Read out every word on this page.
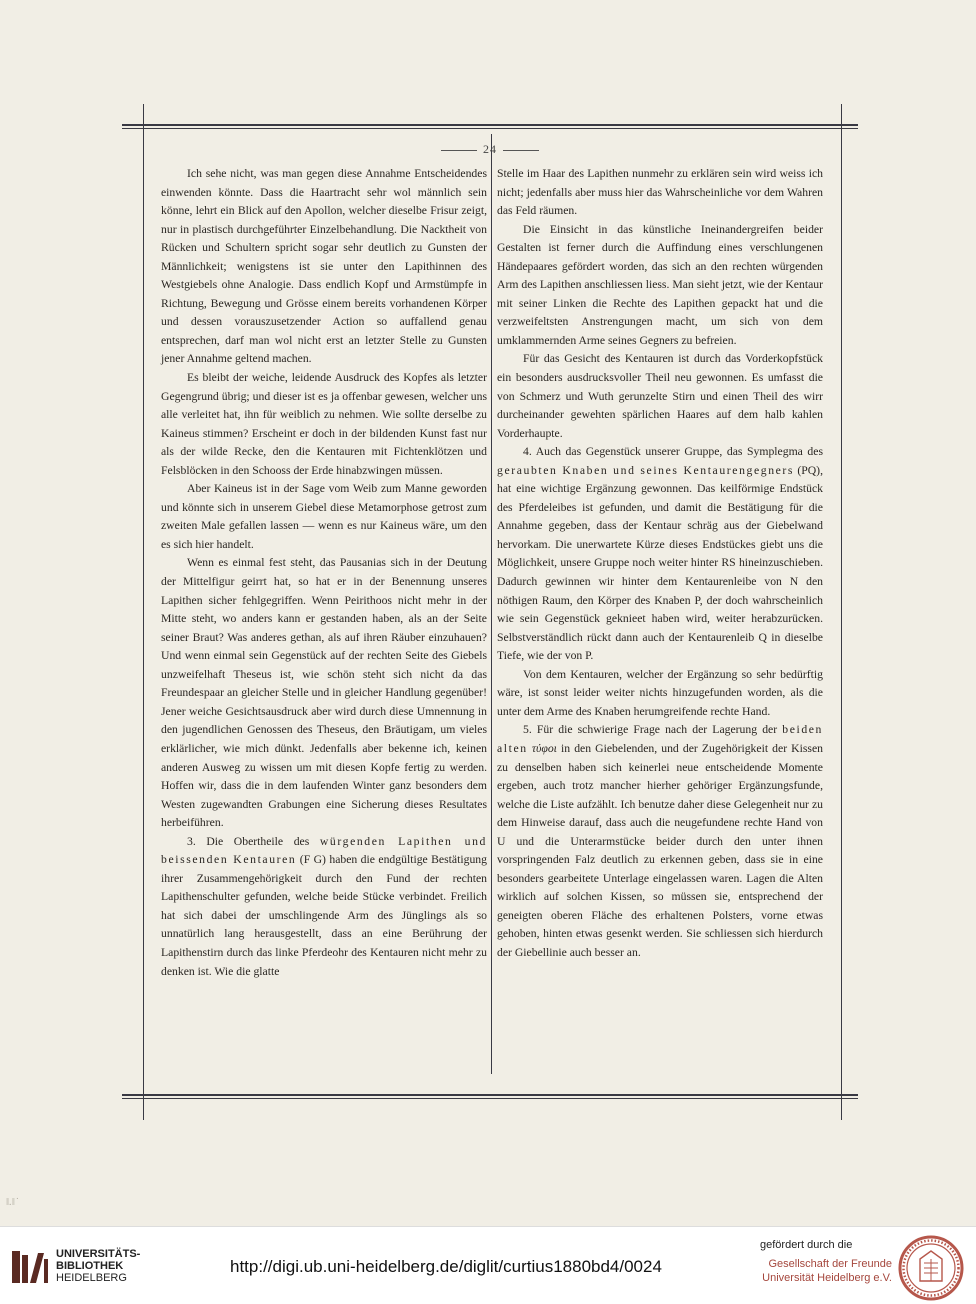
24

Ich sehe nicht, was man gegen diese Annahme Entscheidendes einwenden könnte. Dass die Haartracht sehr wol männlich sein könne, lehrt ein Blick auf den Apollon, welcher dieselbe Frisur zeigt, nur in plastisch durchgeführter Einzelbehandlung. Die Nacktheit von Rücken und Schultern spricht sogar sehr deutlich zu Gunsten der Männlichkeit; wenigstens ist sie unter den Lapithinnen des Westgiebels ohne Analogie. Dass endlich Kopf und Armstümpfe in Richtung, Bewegung und Grösse einem bereits vorhandenen Körper und dessen vorauszusetzender Action so auffallend genau entsprechen, darf man wol nicht erst an letzter Stelle zu Gunsten jener Annahme geltend machen.

Es bleibt der weiche, leidende Ausdruck des Kopfes als letzter Gegengrund übrig; und dieser ist es ja offenbar gewesen, welcher uns alle verleitet hat, ihn für weiblich zu nehmen. Wie sollte derselbe zu Kaineus stimmen? Erscheint er doch in der bildenden Kunst fast nur als der wilde Recke, den die Kentauren mit Fichtenklötzen und Felsblöcken in den Schooss der Erde hinabzwingen müssen.

Aber Kaineus ist in der Sage vom Weib zum Manne geworden und könnte sich in unserem Giebel diese Metamorphose getrost zum zweiten Male gefallen lassen — wenn es nur Kaineus wäre, um den es sich hier handelt.

Wenn es einmal fest steht, das Pausanias sich in der Deutung der Mittelfigur geirrt hat, so hat er in der Benennung unseres Lapithen sicher fehlgegriffen. Wenn Peirithoos nicht mehr in der Mitte steht, wo anders kann er gestanden haben, als an der Seite seiner Braut? Was anderes gethan, als auf ihren Räuber einzuhauen? Und wenn einmal sein Gegenstück auf der rechten Seite des Giebels unzweifelhaft Theseus ist, wie schön steht sich nicht da das Freundespaar an gleicher Stelle und in gleicher Handlung gegenüber! Jener weiche Gesichtsausdruck aber wird durch diese Umnennung in den jugendlichen Genossen des Theseus, den Bräutigam, um vieles erklärlicher, wie mich dünkt. Jedenfalls aber bekenne ich, keinen anderen Ausweg zu wissen um mit diesen Kopfe fertig zu werden. Hoffen wir, dass die in dem laufenden Winter ganz besonders dem Westen zugewandten Grabungen eine Sicherung dieses Resultates herbeiführen.

3. Die Obertheile des würgenden Lapithen und beissenden Kentauren (F G) haben die endgültige Bestätigung ihrer Zusammengehörigkeit durch den Fund der rechten Lapithenschulter gefunden, welche beide Stücke verbindet. Freilich hat sich dabei der umschlingende Arm des Jünglings als so unnatürlich lang herausgestellt, dass an eine Berührung der Lapithenstirn durch das linke Pferdeohr des Kentauren nicht mehr zu denken ist. Wie die glatte

Stelle im Haar des Lapithen nunmehr zu erklären sein wird weiss ich nicht; jedenfalls aber muss hier das Wahrscheinliche vor dem Wahren das Feld räumen.

Die Einsicht in das künstliche Ineinandergreifen beider Gestalten ist ferner durch die Auffindung eines verschlungenen Händepaares gefördert worden, das sich an den rechten würgenden Arm des Lapithen anschliessen liess. Man sieht jetzt, wie der Kentaur mit seiner Linken die Rechte des Lapithen gepackt hat und die verzweifeltsten Anstrengungen macht, um sich von dem umklammernden Arme seines Gegners zu befreien.

Für das Gesicht des Kentauren ist durch das Vorderkopfstück ein besonders ausdrucksvoller Theil neu gewonnen. Es umfasst die von Schmerz und Wuth gerunzelte Stirn und einen Theil des wirr durcheinander gewehten spärlichen Haares auf dem halb kahlen Vorderhaupte.

4. Auch das Gegenstück unserer Gruppe, das Symplegma des geraubten Knaben und seines Kentaurengegners (PQ), hat eine wichtige Ergänzung gewonnen. Das keilförmige Endstück des Pferdeleibes ist gefunden, und damit die Bestätigung für die Annahme gegeben, dass der Kentaur schräg aus der Giebelwand hervorkam. Die unerwartete Kürze dieses Endstückes giebt uns die Möglichkeit, unsere Gruppe noch weiter hinter RS hineinzuschieben. Dadurch gewinnen wir hinter dem Kentaurenleibe von N den nöthigen Raum, den Körper des Knaben P, der doch wahrscheinlich wie sein Gegenstück gekniеet haben wird, weiter herabzurücken. Selbstverständlich rückt dann auch der Kentaurenleib Q in dieselbe Tiefe, wie der von P.

Von dem Kentauren, welcher der Ergänzung so sehr bedürftig wäre, ist sonst leider weiter nichts hinzugefunden worden, als die unter dem Arme des Knaben herumgreifende rechte Hand.

5. Für die schwierige Frage nach der Lagerung der beiden alten τύφοι in den Giebelenden, und der Zugehörigkeit der Kissen zu denselben haben sich keinerlei neue entscheidende Momente ergeben, auch trotz mancher hierher gehöriger Ergänzungsfunde, welche die Liste aufzählt. Ich benutze daher diese Gelegenheit nur zu dem Hinweise darauf, dass auch die neugefundene rechte Hand von U und die Unterarmstücke beider durch den unter ihnen vorspringenden Falz deutlich zu erkennen geben, dass sie in eine besonders gearbeitete Unterlage eingelassen waren. Lagen die Alten wirklich auf solchen Kissen, so müssen sie, entsprechend der geneigten oberen Fläche des erhaltenen Polsters, vorne etwas gehoben, hinten etwas gesenkt werden. Sie schliessen sich hierdurch der Giebellinie auch besser an.

ǁ.ǁ̇
UNIVERSITÄTS-
BIBLIOTHEK
HEIDELBERG
http://digi.ub.uni-heidelberg.de/diglit/curtius1880bd4/0024
gefördert durch die
Gesellschaft der Freunde
Universität Heidelberg e.V.
